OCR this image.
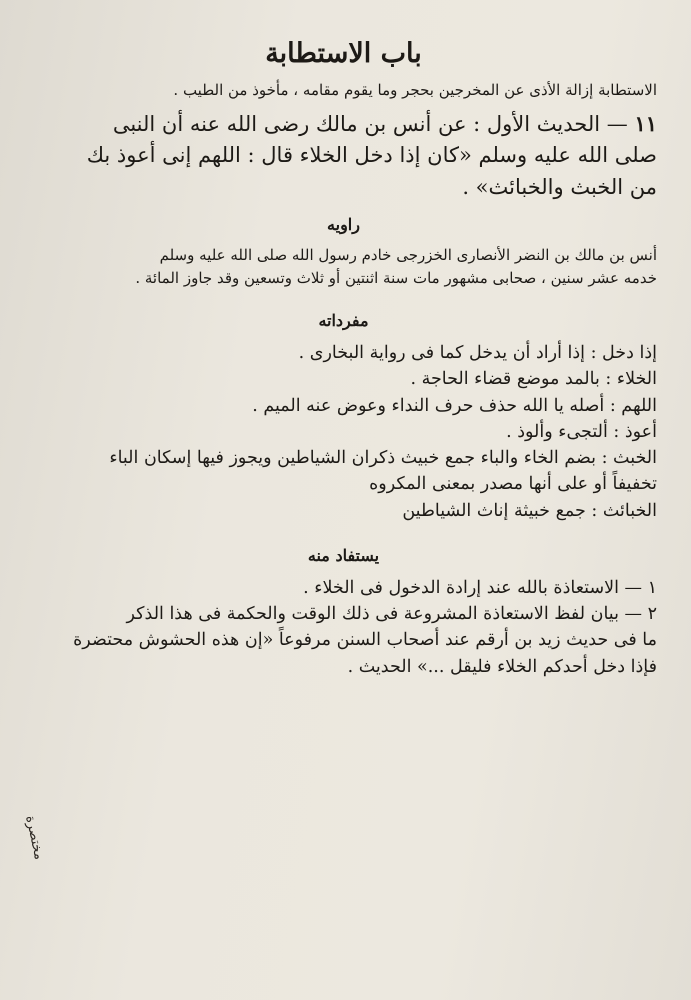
باب الاستطابة

الاستطابة إزالة الأذى عن المخرجين بحجر وما يقوم مقامه ، مأخوذ من الطيب .

١١ — الحديث الأول : عن أنس بن مالك رضى الله عنه أن النبى

صلى الله عليه وسلم «كان إذا دخل الخلاء قال : اللهم إنى أعوذ بك

من الخبث والخبائث» .

راويه

أنس بن مالك بن النضر الأنصارى الخزرجى خادم رسول الله صلى الله عليه وسلم

خدمه عشر سنين ، صحابى مشهور مات سنة اثنتين أو ثلاث وتسعين وقد جاوز المائة .

مفرداته

إذا دخل : إذا أراد أن يدخل كما فى رواية البخارى .

الخلاء : بالمد موضع قضاء الحاجة .

اللهم : أصله يا الله حذف حرف النداء وعوض عنه الميم .

أعوذ : ألتجىء وألوذ .

الخبث : بضم الخاء والباء جمع خبيث ذكران الشياطين ويجوز فيها إسكان الباء

تخفيفاً أو على أنها مصدر بمعنى المكروه

الخبائث : جمع خبيثة إناث الشياطين

يستفاد منه

١ — الاستعاذة بالله عند إرادة الدخول فى الخلاء .

٢ — بيان لفظ الاستعاذة المشروعة فى ذلك الوقت والحكمة فى هذا الذكر

ما فى حديث زيد بن أرقم عند أصحاب السنن مرفوعاً «إن هذه الحشوش محتضرة

فإذا دخل أحدكم الخلاء فليقل ...» الحديث .

مختصرة
